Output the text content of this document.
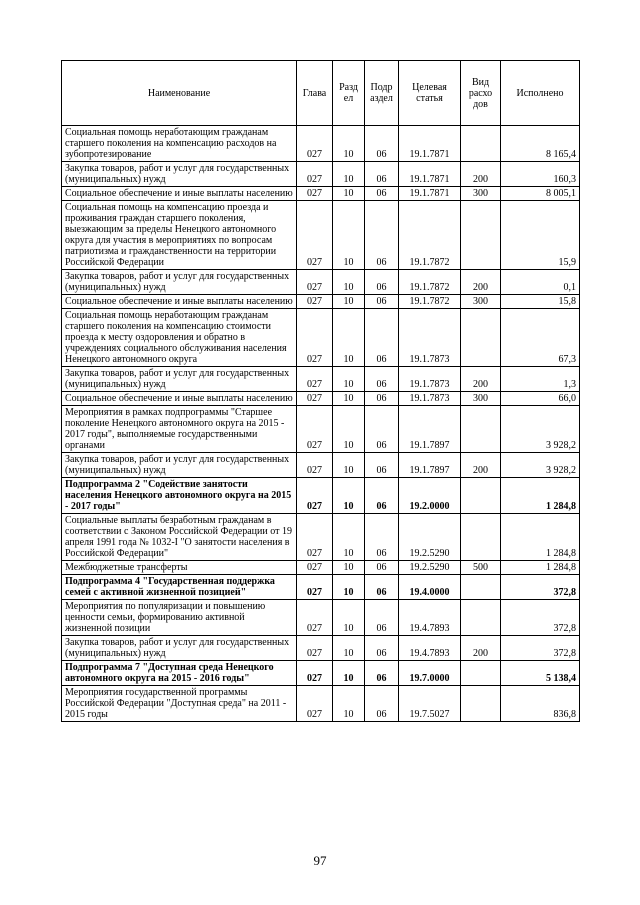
Наименование	Глава	Разд ел	Подр аздел	Целевая статья	Вид расхо дов	Исполнено
Социальная помощь неработающим гражданам старшего поколения на компенсацию расходов на зубопротезирование	027	10	06	19.1.7871		8 165,4
Закупка товаров, работ и услуг для государственных (муниципальных) нужд	027	10	06	19.1.7871	200	160,3
Социальное обеспечение и иные выплаты населению	027	10	06	19.1.7871	300	8 005,1
Социальная помощь на компенсацию проезда и проживания граждан старшего поколения, выезжающим за пределы Ненецкого автономного округа для участия в мероприятиях по вопросам патриотизма и гражданственности на территории Российской Федерации	027	10	06	19.1.7872		15,9
Закупка товаров, работ и услуг для государственных (муниципальных) нужд	027	10	06	19.1.7872	200	0,1
Социальное обеспечение и иные выплаты населению	027	10	06	19.1.7872	300	15,8
Социальная помощь неработающим гражданам старшего поколения на компенсацию стоимости проезда к месту оздоровления и обратно в учреждениях социального обслуживания населения Ненецкого автономного округа	027	10	06	19.1.7873		67,3
Закупка товаров, работ и услуг для государственных (муниципальных) нужд	027	10	06	19.1.7873	200	1,3
Социальное обеспечение и иные выплаты населению	027	10	06	19.1.7873	300	66,0
Мероприятия в рамках подпрограммы "Старшее поколение Ненецкого автономного округа на 2015 - 2017 годы", выполняемые государственными органами	027	10	06	19.1.7897		3 928,2
Закупка товаров, работ и услуг для государственных (муниципальных) нужд	027	10	06	19.1.7897	200	3 928,2
Подпрограмма 2 "Содействие занятости населения Ненецкого автономного округа на 2015 - 2017 годы"	027	10	06	19.2.0000		1 284,8
Социальные выплаты безработным гражданам в соответствии с Законом Российской Федерации от 19 апреля 1991 года № 1032-I "О занятости населения в Российской Федерации"	027	10	06	19.2.5290		1 284,8
Межбюджетные трансферты	027	10	06	19.2.5290	500	1 284,8
Подпрограмма 4 "Государственная поддержка семей с активной жизненной позицией"	027	10	06	19.4.0000		372,8
Мероприятия по популяризации и повышению ценности семьи, формированию активной жизненной позиции	027	10	06	19.4.7893		372,8
Закупка товаров, работ и услуг для государственных (муниципальных) нужд	027	10	06	19.4.7893	200	372,8
Подпрограмма 7 "Доступная среда Ненецкого автономного округа на 2015 - 2016 годы"	027	10	06	19.7.0000		5 138,4
Мероприятия государственной программы Российской Федерации "Доступная среда" на 2011 - 2015 годы	027	10	06	19.7.5027		836,8
97
